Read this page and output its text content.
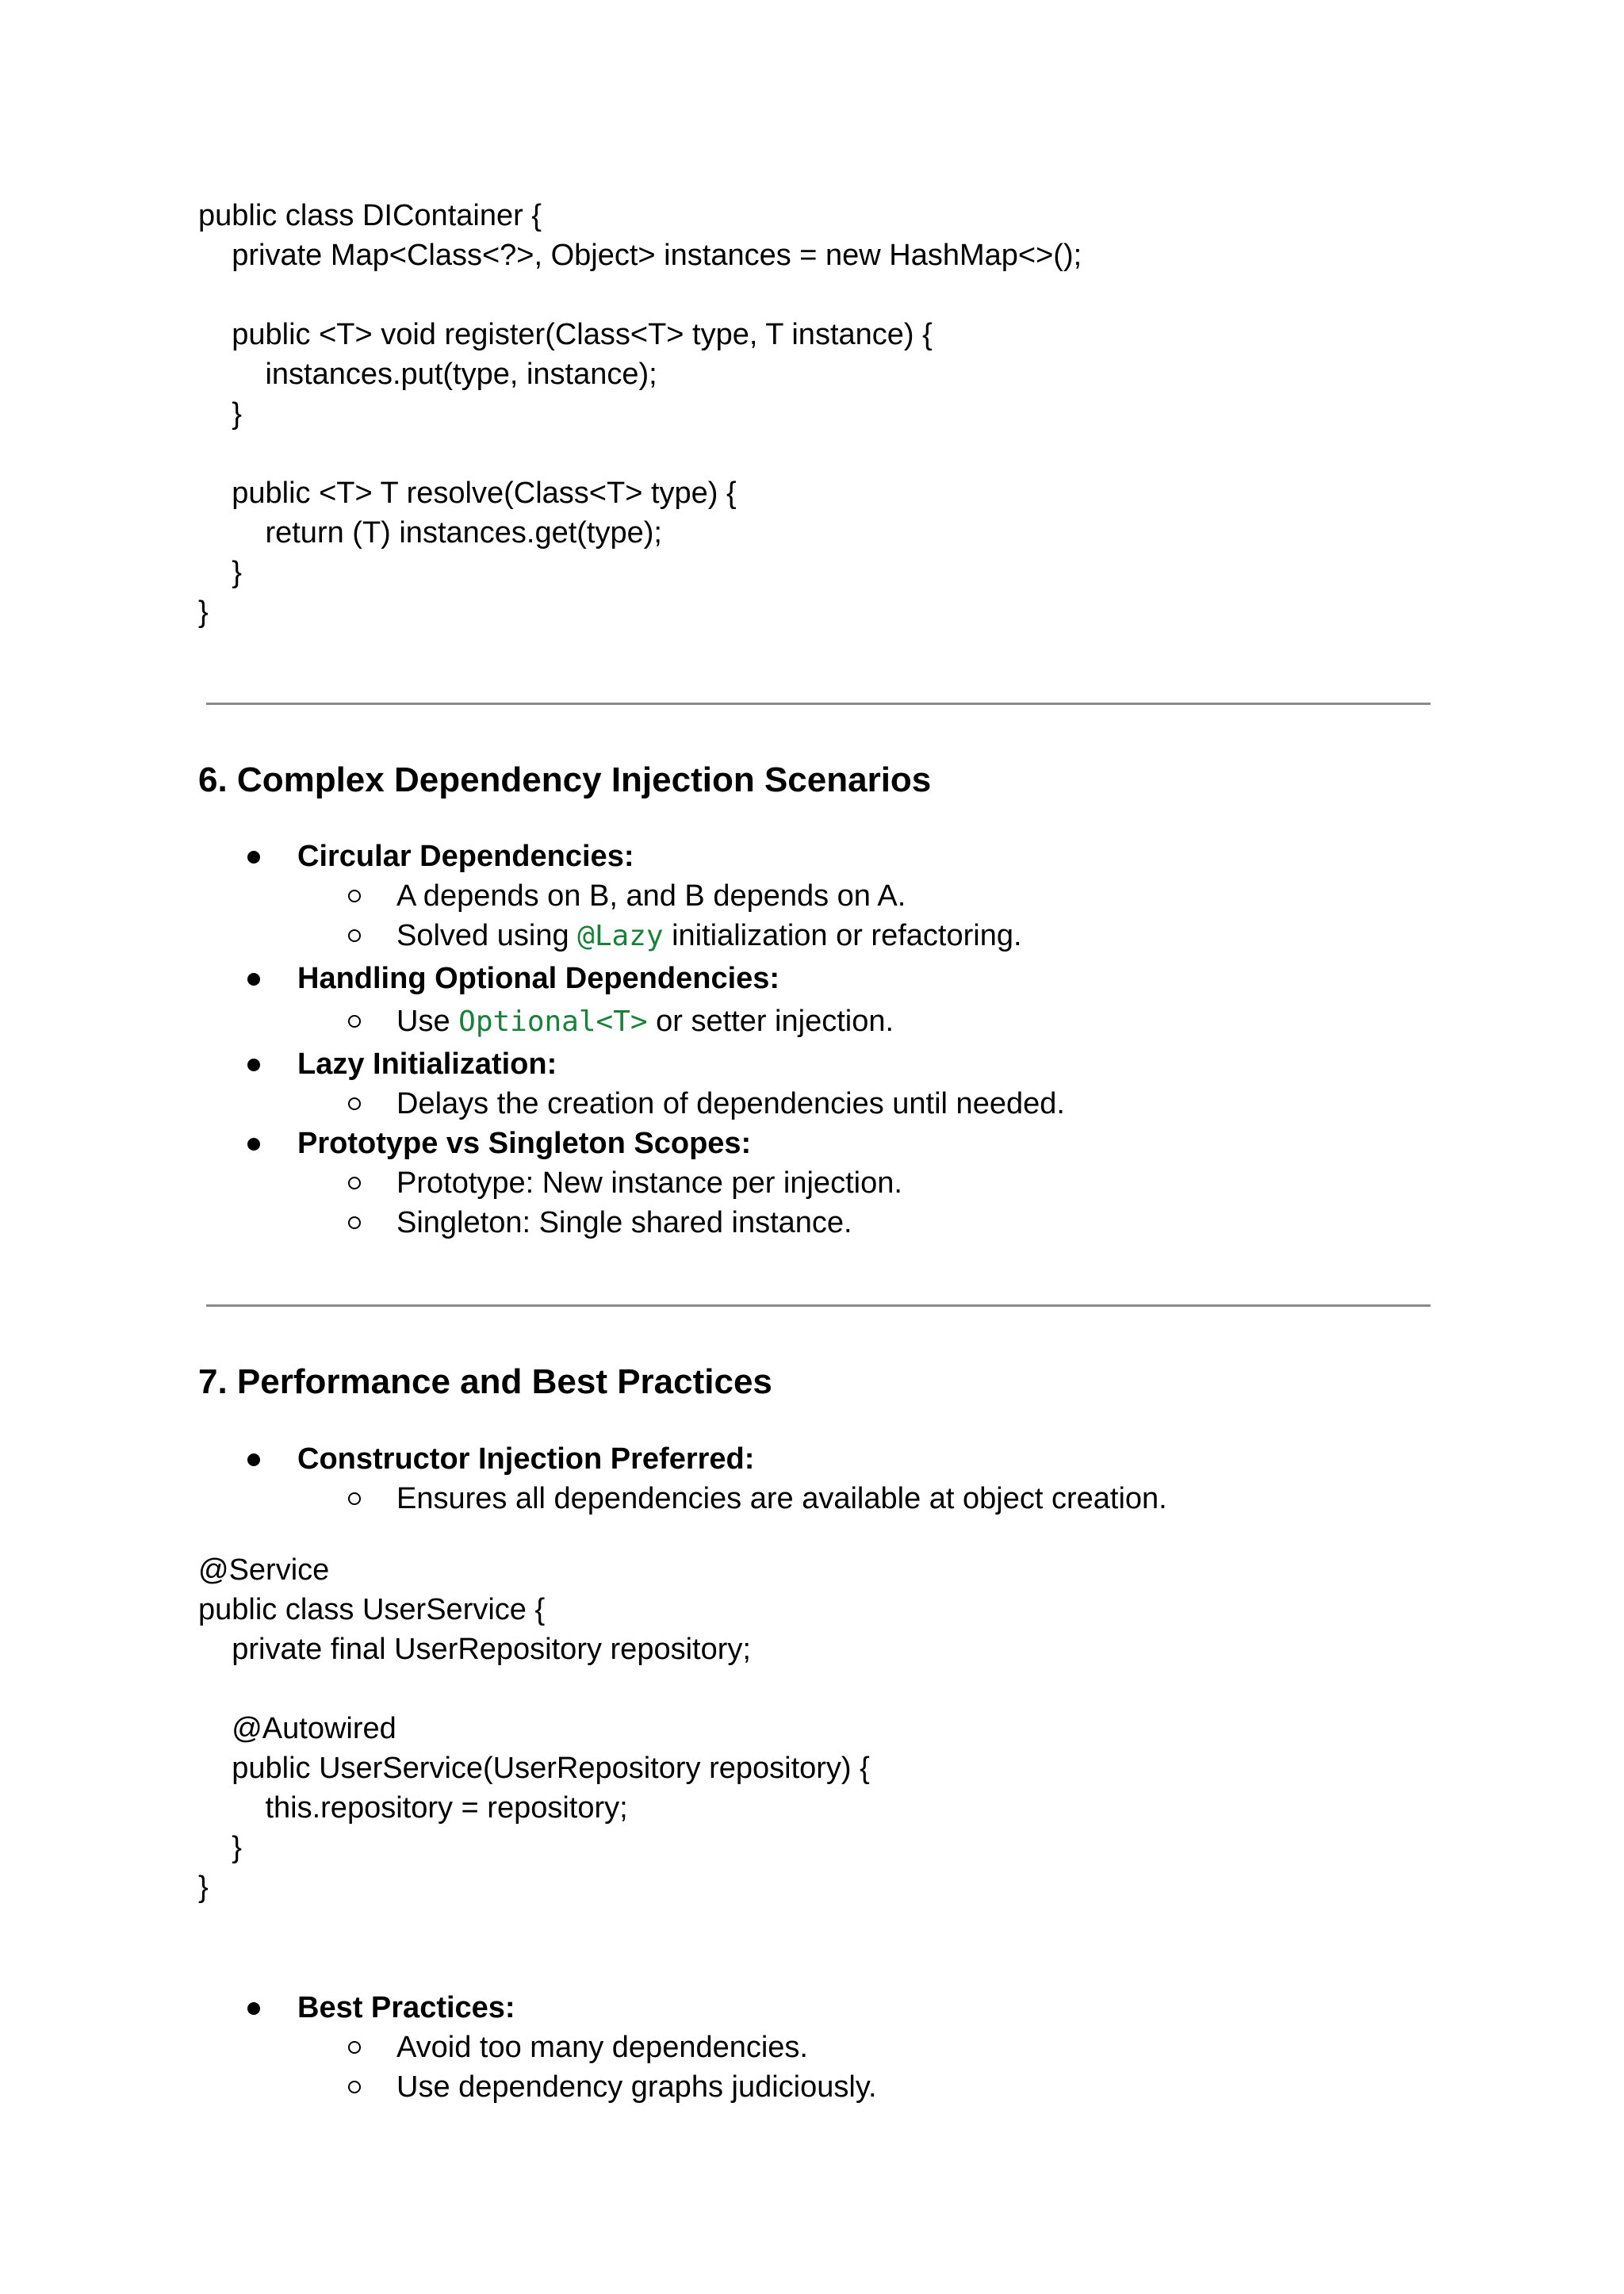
public class DIContainer {
private Map<Class<?>, Object> instances = new HashMap<>();
public <T> void register(Class<T> type, T instance) {
instances.put(type, instance);
}
public <T> T resolve(Class<T> type) {
return (T) instances.get(type);
}
}
6. Complex Dependency Injection Scenarios
Circular Dependencies:
A depends on B, and B depends on A.
Solved using @Lazy initialization or refactoring.
Handling Optional Dependencies:
Use Optional<T> or setter injection.
Lazy Initialization:
Delays the creation of dependencies until needed.
Prototype vs Singleton Scopes:
Prototype: New instance per injection.
Singleton: Single shared instance.
7. Performance and Best Practices
Constructor Injection Preferred:
Ensures all dependencies are available at object creation.
@Service
public class UserService {
private final UserRepository repository;
@Autowired
public UserService(UserRepository repository) {
this.repository = repository;
}
}
Best Practices:
Avoid too many dependencies.
Use dependency graphs judiciously.
